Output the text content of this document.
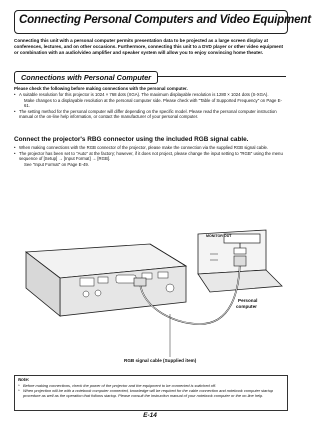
Connecting Personal Computers and Video Equipment
Connecting this unit with a personal computer permits presentation data to be projected as a large screen display at conferences, lectures, and on other occasions. Furthermore, connecting this unit to a DVD player or other video equipment or combination with an audio/video amplifier and speaker system will allow you to enjoy convincing home theater.
Connections with Personal Computer
Please check the following before making connections with the personal computer.
• A suitable resolution for this projector is 1024 × 768 dots (XGA). The maximum displayable resolution is 1280 × 1024 dots (S-XGA).
Make changes to a displayable resolution at the personal computer side. Please check with "Table of Supported Frequency" on Page E-61.
• The setting method for the personal computer will differ depending on the specific model. Please read the personal computer instruction manual or the on-line help information, or contact the manufacturer of your personal computer.
Connect the projector's RBG connector using the included RGB signal cable.
• When making connections with the RGB connector of the projector, please make the connection via the supplied RGB signal cable.
• The projector has been set to "Auto" at the factory; however, if it does not project, please change the input setting to "RGB" using the menu sequence of [Setup] → [Input Format] → [RGB].
See "Input Format" on Page E-49.
MONITOR OUT
Personal
computer
RGB signal cable (Supplied item)
Note:
* Before making connections, check the power of the projector and the equipment to be connected is switched off.
* When projection will be with a notebook computer connected, knowledge will be required for the cable connection and notebook computer startup procedure as well as the operation that follows startup. Please consult the instruction manual of your notebook computer or the on-line help.
E-14
